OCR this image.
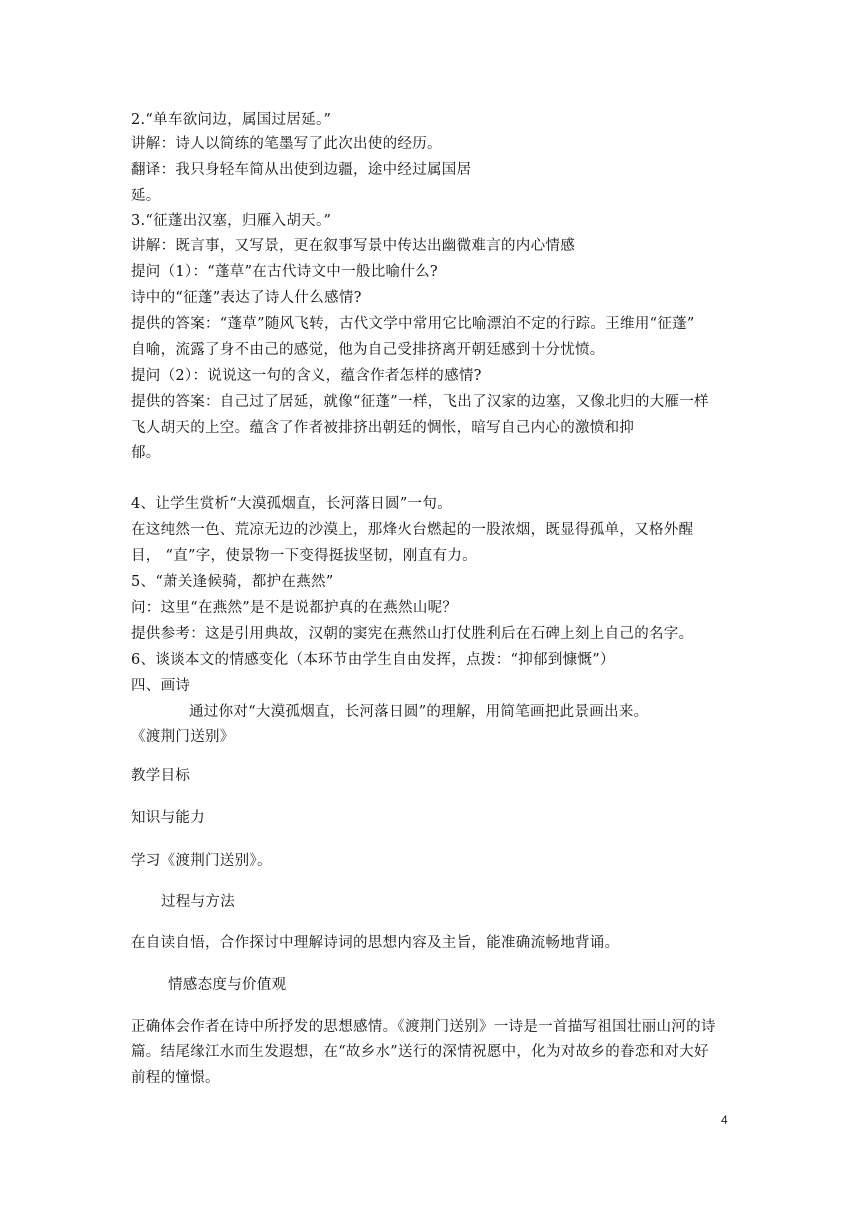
2.“单车欲问边，属国过居延。”
讲解：诗人以简练的笔墨写了此次出使的经历。
翻译：我只身轻车简从出使到边疆，途中经过属国居
延。
3.“征蓬出汉塞，归雁入胡天。”
讲解：既言事，又写景，更在叙事写景中传达出幽微难言的内心情感
提问（1）：“蓬草”在古代诗文中一般比喻什么?
诗中的“征蓬”表达了诗人什么感情?
提供的答案：“蓬草”随风飞转，古代文学中常用它比喻漂泊不定的行踪。王维用“征蓬”
自喻，流露了身不由己的感觉，他为自己受排挤离开朝廷感到十分忧愤。
提问（2）：说说这一句的含义，蕴含作者怎样的感情?
提供的答案：自己过了居延，就像“征蓬”一样，飞出了汉家的边塞，又像北归的大雁一样
飞人胡天的上空。蕴含了作者被排挤出朝廷的惆怅，暗写自己内心的激愤和抑
郁。
4、让学生赏析“大漠孤烟直，长河落日圆”一句。
在这纯然一色、荒凉无边的沙漠上，那烽火台燃起的一股浓烟，既显得孤单，又格外醒
目， “直”字，使景物一下变得挺拔坚韧，刚直有力。
5、“萧关逢候骑，都护在燕然”
问：这里“在燕然”是不是说都护真的在燕然山呢？
提供参考：这是引用典故，汉朝的窦宪在燕然山打仗胜利后在石碑上刻上自己的名字。
6、谈谈本文的情感变化（本环节由学生自由发挥，点拨：“抑郁到慷慨”）
四、画诗
通过你对“大漠孤烟直，长河落日圆”的理解，用简笔画把此景画出来。
《渡荆门送别》
教学目标
知识与能力
学习《渡荆门送别》。
过程与方法
在自读自悟，合作探讨中理解诗词的思想内容及主旨，能准确流畅地背诵。
情感态度与价值观
正确体会作者在诗中所抒发的思想感情。《渡荆门送别》一诗是一首描写祖国壮丽山河的诗
篇。结尾缘江水而生发遐想，在“故乡水”送行的深情祝愿中，化为对故乡的眷恋和对大好
前程的憧憬。
4
